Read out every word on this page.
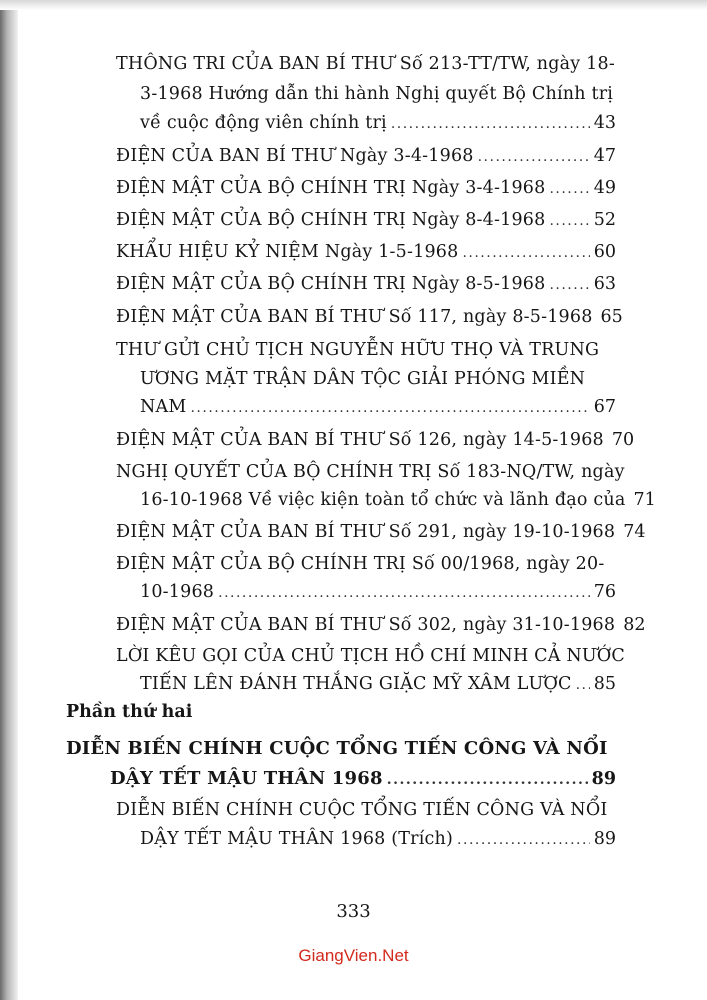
THÔNG TRI CỦA BAN BÍ THƯ Số 213-TT/TW, ngày 18-
3-1968 Hướng dẫn thi hành Nghị quyết Bộ Chính trị
về cuộc động viên chính trị .....	43
ĐIỆN CỦA BAN BÍ THƯ Ngày 3-4-1968 .....	47
ĐIỆN MẬT CỦA BỘ CHÍNH TRỊ Ngày 3-4-1968 .....	49
ĐIỆN MẬT CỦA BỘ CHÍNH TRỊ Ngày 8-4-1968 .....	52
KHẨU HIỆU KỶ NIỆM Ngày 1-5-1968 .....	60
ĐIỆN MẬT CỦA BỘ CHÍNH TRỊ Ngày 8-5-1968 .....	63
ĐIỆN MẬT CỦA BAN BÍ THƯ Số 117, ngày 8-5-1968 65
THƯ GỬI CHỦ TỊCH NGUYỄN HỮU THỌ VÀ TRUNG
ƯƠNG MẶT TRẬN DÂN TỘC GIẢI PHÓNG MIỀN
NAM .....	67
ĐIỆN MẬT CỦA BAN BÍ THƯ Số 126, ngày 14-5-1968 70
NGHỊ QUYẾT CỦA BỘ CHÍNH TRỊ Số 183-NQ/TW, ngày
16-10-1968 Về việc kiện toàn tổ chức và lãnh đạo của 71
ĐIỆN MẬT CỦA BAN BÍ THƯ Số 291, ngày 19-10-1968 74
ĐIỆN MẬT CỦA BỘ CHÍNH TRỊ Số 00/1968, ngày 20-
10-1968 .....	76
ĐIỆN MẬT CỦA BAN BÍ THƯ Số 302, ngày 31-10-1968 82
LỜI KÊU GỌI CỦA CHỦ TỊCH HỒ CHÍ MINH CẢ NƯỚC
TIẾN LÊN ĐÁNH THẮNG GIẶC MỸ XÂM LƯỢC ..... 85
Phần thứ hai
DIỄN BIẾN CHÍNH CUỘC TỔNG TIẾN CÔNG VÀ NỔI
DẬY TẾT MẬU THÂN 1968 .....	89
DIỄN BIẾN CHÍNH CUỘC TỔNG TIẾN CÔNG VÀ NỔI
DẬY TẾT MẬU THÂN 1968 (Trích) .....	89
333
GiangVien.Net
